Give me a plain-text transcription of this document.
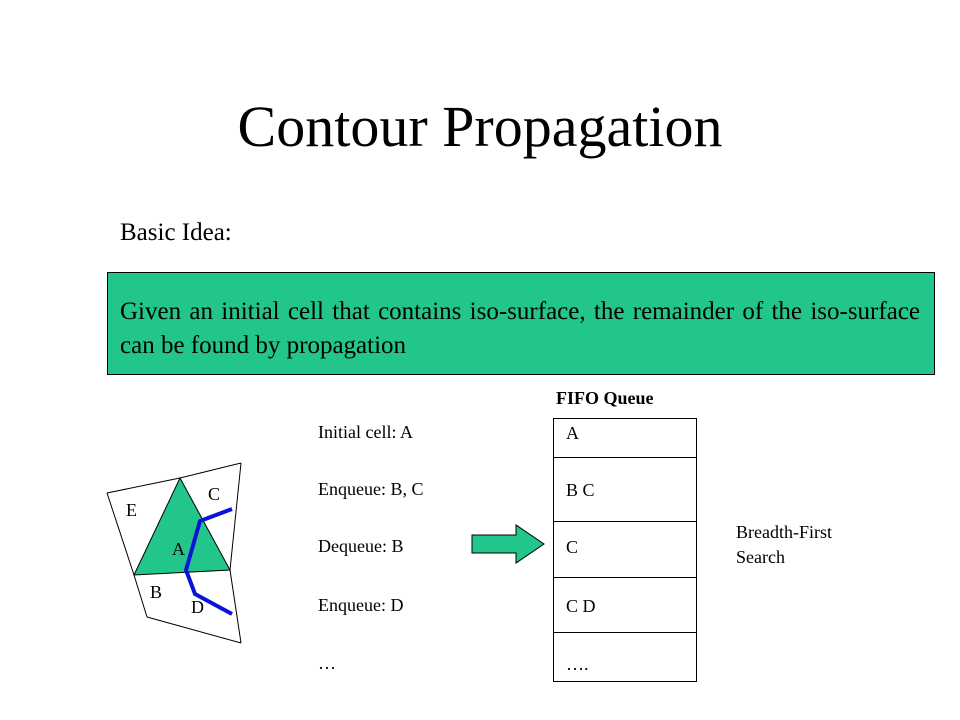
Contour Propagation
Basic Idea:
Given an initial cell that contains iso-surface, the remainder of the iso-surface can be found by propagation
E
C
A
B
D
Initial cell: A
Enqueue: B, C
Dequeue: B
Enqueue: D
…
FIFO Queue
A
B C
C
C D
….
Breadth-First Search
